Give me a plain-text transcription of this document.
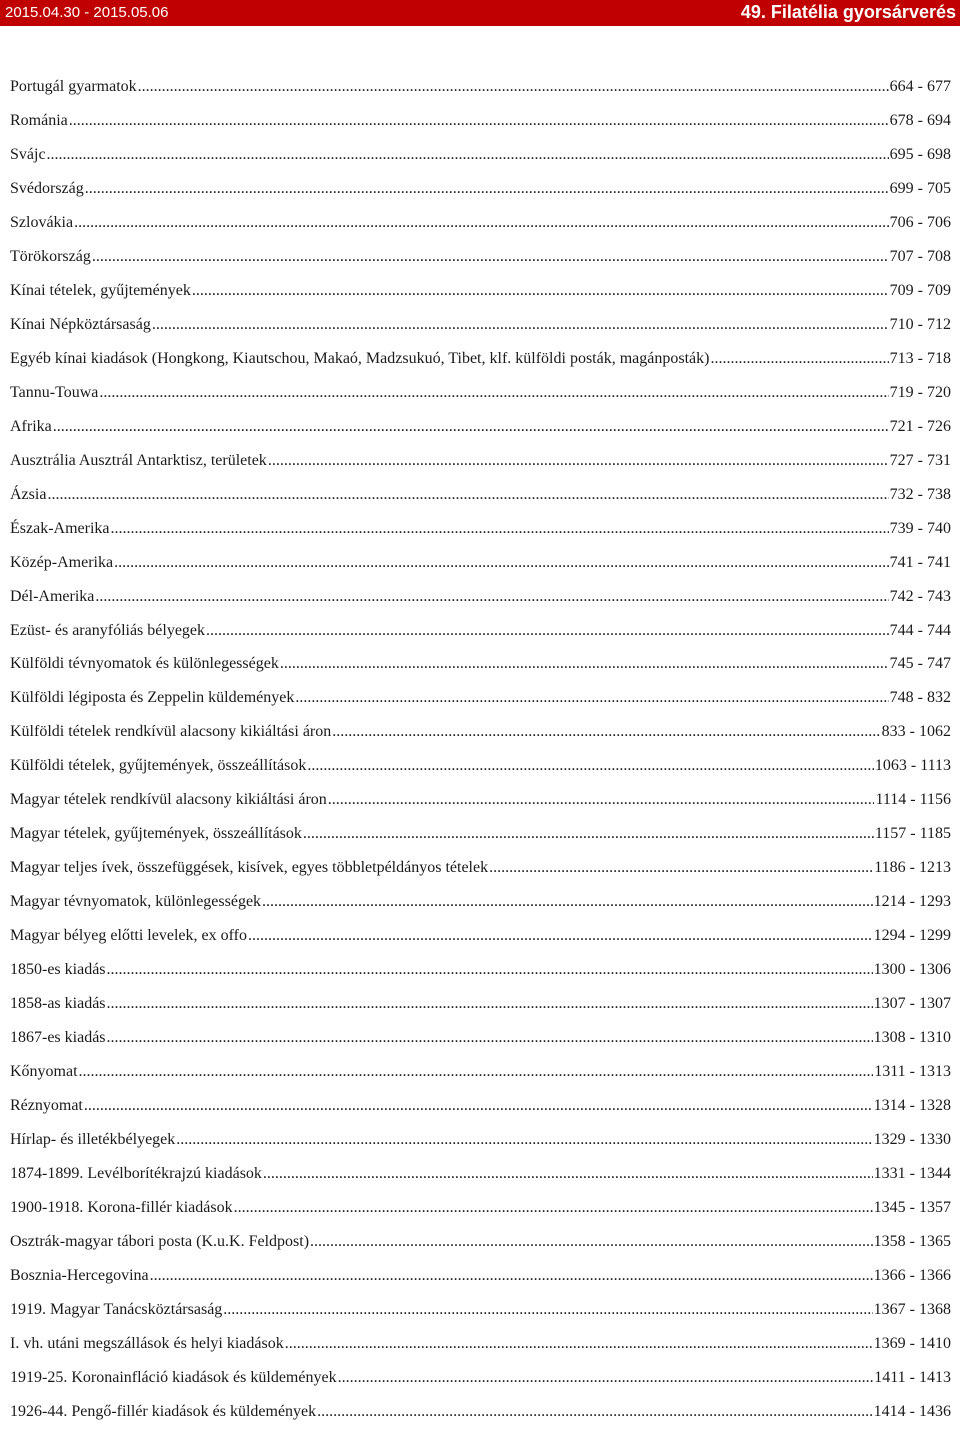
2015.04.30 - 2015.05.06	49. Filatélia gyorsárverés
Portugál gyarmatok .....	664 - 677
Románia .....	678 - 694
Svájc .....	695 - 698
Svédország .....	699 - 705
Szlovákia .....	706 - 706
Törökország .....	707 - 708
Kínai tételek, gyűjtemények .....	709 - 709
Kínai Népköztársaság .....	710 - 712
Egyéb kínai kiadások (Hongkong, Kiautschou, Makaó, Madzsukuó, Tibet, klf. külföldi posták, magánposták) .....	713 - 718
Tannu-Touwa .....	719 - 720
Afrika .....	721 - 726
Ausztrália Ausztrál Antarktisz, területek .....	727 - 731
Ázsia .....	732 - 738
Észak-Amerika .....	739 - 740
Közép-Amerika .....	741 - 741
Dél-Amerika .....	742 - 743
Ezüst- és aranyfóliás bélyegek .....	744 - 744
Külföldi tévnyomatok és különlegességek .....	745 - 747
Külföldi légiposta és Zeppelin küldemények .....	748 - 832
Külföldi tételek rendkívül alacsony kikiáltási áron .....	833 - 1062
Külföldi tételek, gyűjtemények, összeállítások .....	1063 - 1113
Magyar tételek rendkívül alacsony kikiáltási áron .....	1114 - 1156
Magyar tételek, gyűjtemények, összeállítások .....	1157 - 1185
Magyar teljes ívek, összefüggések, kisívek, egyes többletpéldányos tételek .....	1186 - 1213
Magyar tévnyomatok, különlegességek .....	1214 - 1293
Magyar bélyeg előtti levelek, ex offo .....	1294 - 1299
1850-es kiadás .....	1300 - 1306
1858-as kiadás .....	1307 - 1307
1867-es kiadás .....	1308 - 1310
Kőnyomat .....	1311 - 1313
Réznyomat .....	1314 - 1328
Hírlap- és illetékbélyegek .....	1329 - 1330
1874-1899. Levélborítékrajzú kiadások .....	1331 - 1344
1900-1918. Korona-fillér kiadások .....	1345 - 1357
Osztrák-magyar tábori posta (K.u.K. Feldpost) .....	1358 - 1365
Bosznia-Hercegovina .....	1366 - 1366
1919. Magyar Tanácsköztársaság .....	1367 - 1368
I. vh. utáni megszállások és helyi kiadások .....	1369 - 1410
1919-25. Koronainfláció kiadások és küldemények .....	1411 - 1413
1926-44. Pengő-fillér kiadások és küldemények .....	1414 - 1436
